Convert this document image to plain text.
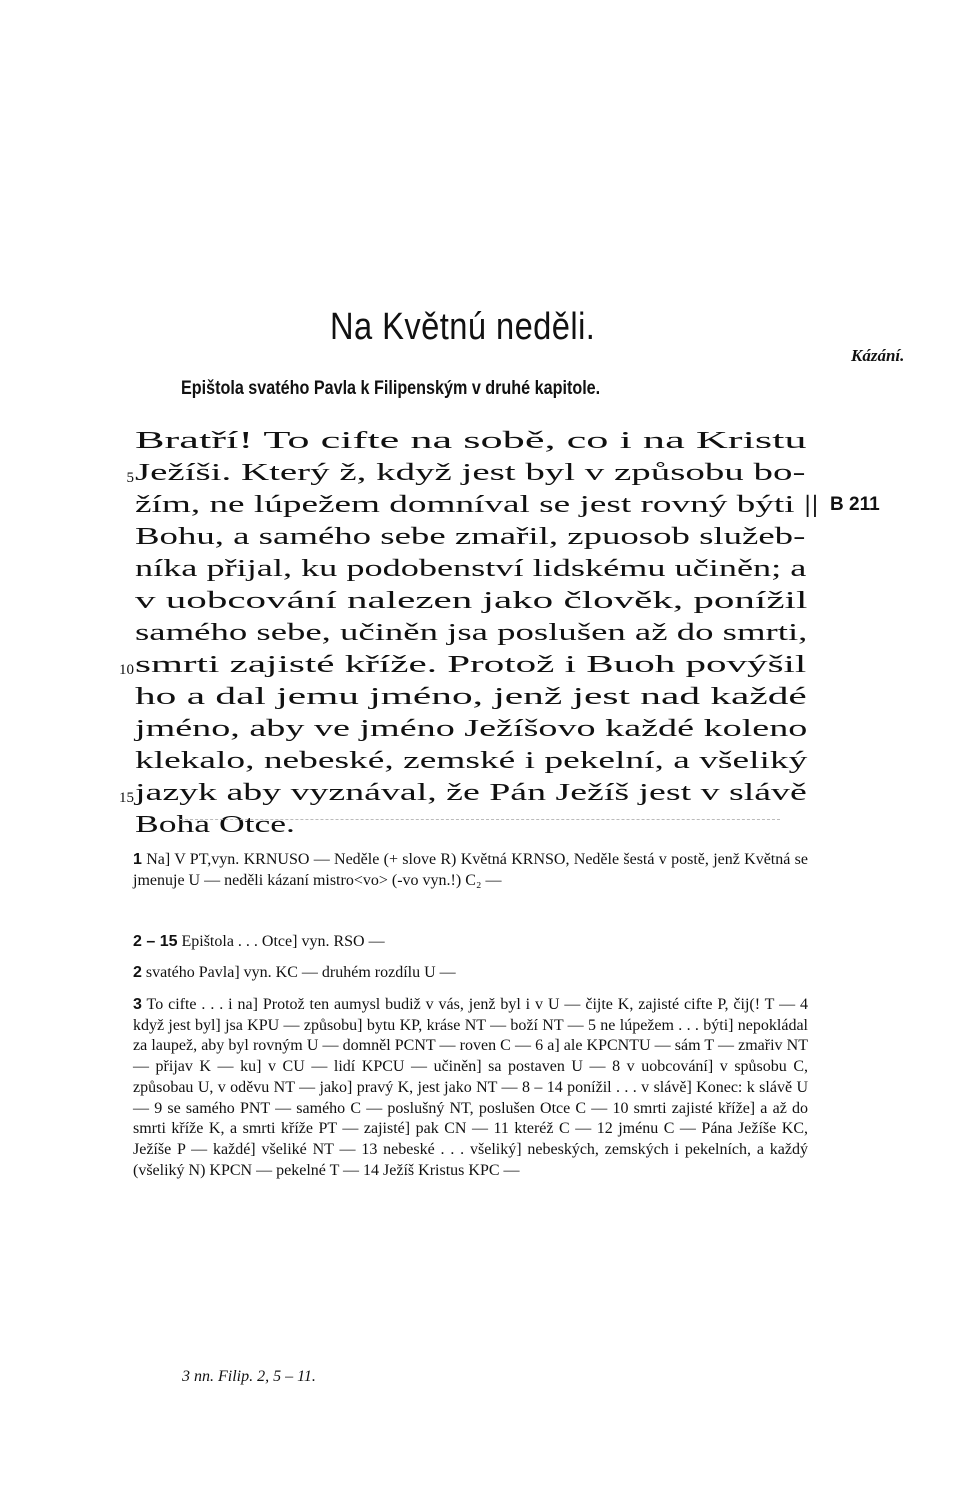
Na Květnú neděli.
Kázání.
Epištola svatého Pavla k Filipenským v druhé kapitole.
5
10
15
Bratří! To cifte na sobě, co i na Kristu
Ježíši. Který ž, když jest byl v způsobu bo-
žím, ne lúpežem domníval se jest rovný býti ||
Bohu, a samého sebe zmařil, zpuosob služeb-
níka přijal, ku podobenství lidskému učiněn; a
v uobcování nalezen jako člověk, ponížil
samého sebe, učiněn jsa poslušen až do smrti,
smrti zajisté kříže. Protož i Buoh povýšil
ho a dal jemu jméno, jenž jest nad každé
jméno, aby ve jméno Ježíšovo každé koleno
klekalo, nebeské, zemské i pekelní, a všeliký
jazyk aby vyznával, že Pán Ježíš jest v slávě
Boha Otce.
B 211
1 Na] V PT,vyn. KRNUSO — Neděle (+ slove R) Květná KRNSO, Neděle šestá v postě, jenž Květná se jmenuje U — neděli kázaní mistro<vo> (-vo vyn.!) C₂ —
2 – 15 Epištola . . . Otce] vyn. RSO —
2 svatého Pavla] vyn. KC — druhém rozdílu U —
3 To cifte . . . i na] Protož ten aumysl budiž v vás, jenž byl i v U — čijte K, zajisté cifte P, čij(! T — 4 když jest byl] jsa KPU — způsobu] bytu KP, kráse NT — boží NT — 5 ne lúpežem . . . býti] nepokládal za laupež, aby byl rovným U — domněl PCNT — roven C — 6 a] ale KPCNTU — sám T — zmařiv NT — přijav K — ku] v CU — lidí KPCU — učiněn] sa postaven U — 8 v uobcování] v spůsobu C, způsobau U, v oděvu NT — jako] pravý K, jest jako NT — 8 – 14 ponížil . . . v slávě] Konec: k slávě U — 9 se samého PNT — samého C — poslušný NT, poslušen Otce C — 10 smrti zajisté kříže] a až do smrti kříže K, a smrti kříže PT — zajisté] pak CN — 11 kteréž C — 12 jménu C — Pána Ježíše KC, Ježíše P — každé] všeliké NT — 13 nebeské . . . všeliký] nebeských, zemských i pekelních, a každý (všeliký N) KPCN — pekelné T — 14 Ježíš Kristus KPC —
3 nn. Filip. 2, 5 – 11.
